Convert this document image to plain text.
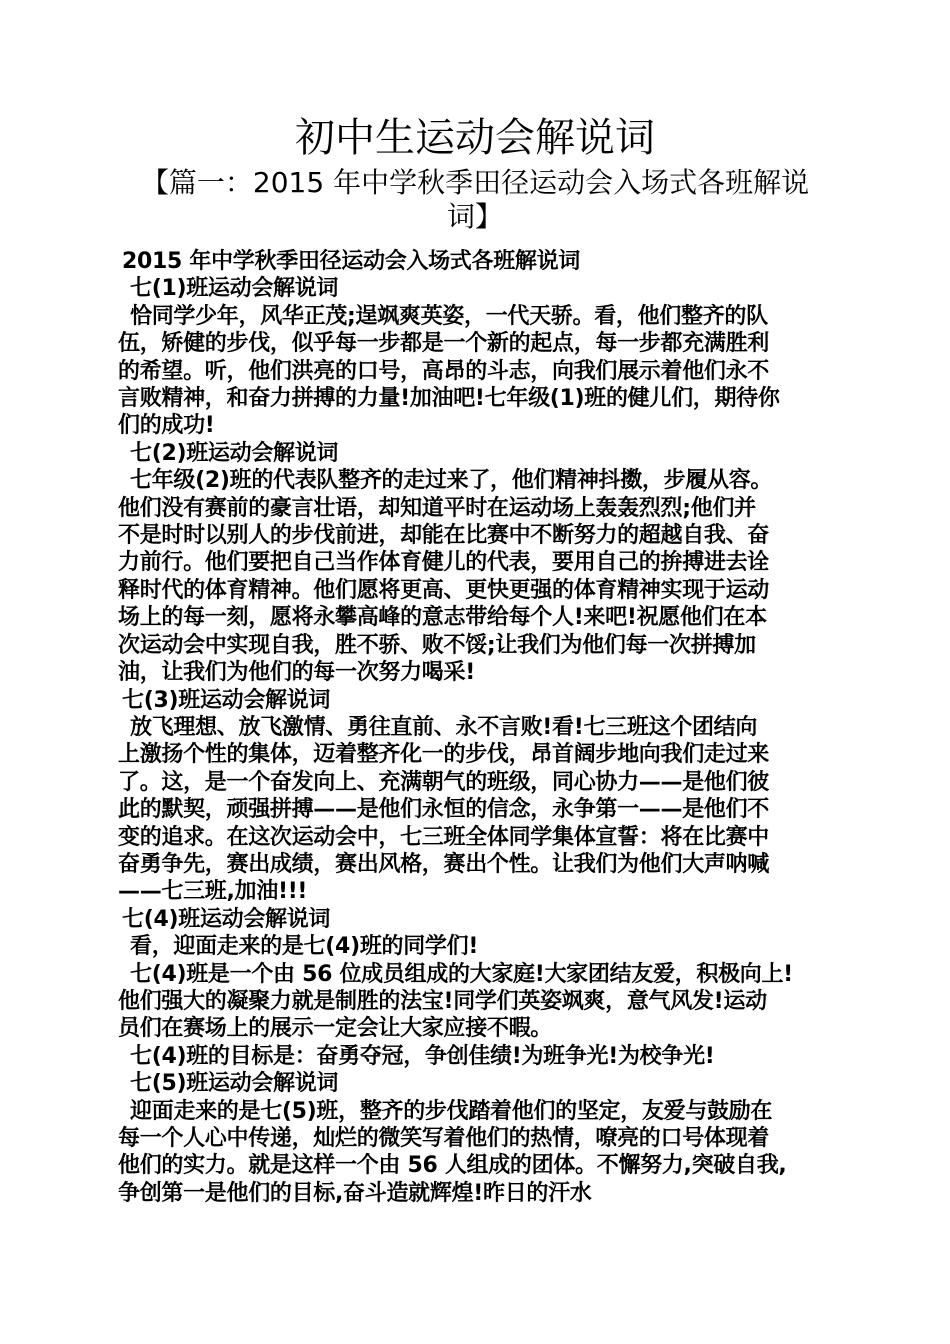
初中生运动会解说词
【篇一：2015 年中学秋季田径运动会入场式各班解说
词】

2015 年中学秋季田径运动会入场式各班解说词

七(1)班运动会解说词

恰同学少年，风华正茂;逞飒爽英姿，一代天骄。看，他们整齐的队

伍，矫健的步伐，似乎每一步都是一个新的起点，每一步都充满胜利

的希望。听，他们洪亮的口号，高昂的斗志，向我们展示着他们永不

言败精神，和奋力拼搏的力量!加油吧!七年级(1)班的健儿们，期待你

们的成功!

七(2)班运动会解说词

七年级(2)班的代表队整齐的走过来了，他们精神抖擞，步履从容。

他们没有赛前的豪言壮语，却知道平时在运动场上轰轰烈烈;他们并

不是时时以别人的步伐前进，却能在比赛中不断努力的超越自我、奋

力前行。他们要把自己当作体育健儿的代表，要用自己的拚搏进去诠

释时代的体育精神。他们愿将更高、更快更强的体育精神实现于运动

场上的每一刻，愿将永攀高峰的意志带给每个人!来吧!祝愿他们在本

次运动会中实现自我，胜不骄、败不馁;让我们为他们每一次拼搏加

油，让我们为他们的每一次努力喝采!

七(3)班运动会解说词

放飞理想、放飞激情、勇往直前、永不言败!看!七三班这个团结向

上激扬个性的集体，迈着整齐化一的步伐，昂首阔步地向我们走过来

了。这，是一个奋发向上、充满朝气的班级，同心协力——是他们彼

此的默契，顽强拼搏——是他们永恒的信念，永争第一——是他们不

变的追求。在这次运动会中，七三班全体同学集体宣誓：将在比赛中

奋勇争先，赛出成绩，赛出风格，赛出个性。让我们为他们大声呐喊

——七三班,加油!!!

七(4)班运动会解说词

看，迎面走来的是七(4)班的同学们!

七(4)班是一个由 56 位成员组成的大家庭!大家团结友爱，积极向上!

他们强大的凝聚力就是制胜的法宝!同学们英姿飒爽，意气风发!运动

员们在赛场上的展示一定会让大家应接不暇。

七(4)班的目标是：奋勇夺冠，争创佳绩!为班争光!为校争光!

七(5)班运动会解说词

迎面走来的是七(5)班，整齐的步伐踏着他们的坚定，友爱与鼓励在

每一个人心中传递，灿烂的微笑写着他们的热情，嘹亮的口号体现着

他们的实力。就是这样一个由 56 人组成的团体。不懈努力,突破自我,

争创第一是他们的目标,奋斗造就辉煌!昨日的汗水
